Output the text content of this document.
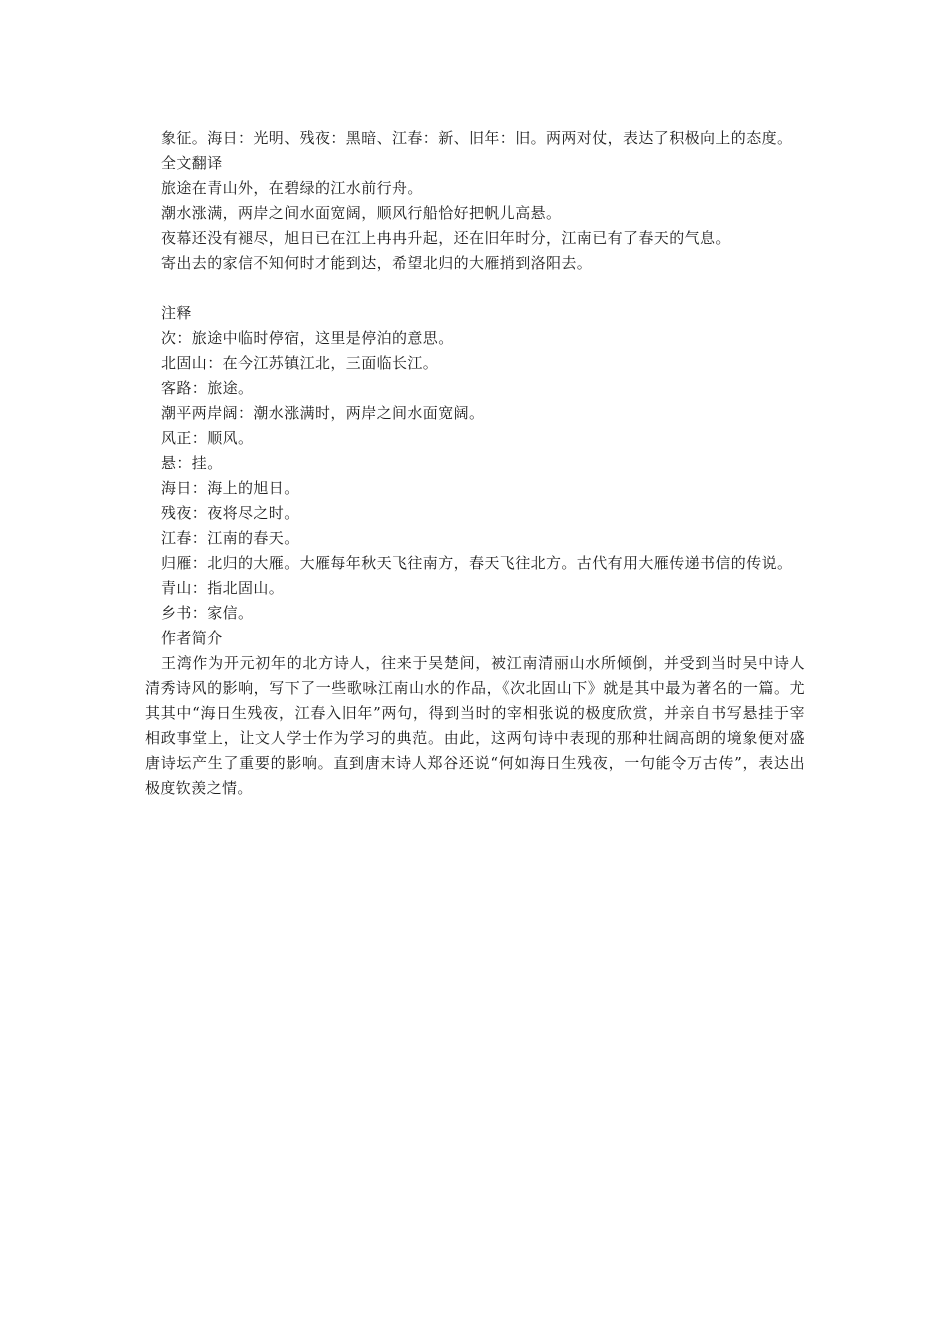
象征。海日：光明、残夜：黑暗、江春：新、旧年：旧。两两对仗，表达了积极向上的态度。
全文翻译
旅途在青山外，在碧绿的江水前行舟。
潮水涨满，两岸之间水面宽阔，顺风行船恰好把帆儿高悬。
夜幕还没有褪尽，旭日已在江上冉冉升起，还在旧年时分，江南已有了春天的气息。
寄出去的家信不知何时才能到达，希望北归的大雁捎到洛阳去。
注释
次：旅途中临时停宿，这里是停泊的意思。
北固山：在今江苏镇江北，三面临长江。
客路：旅途。
潮平两岸阔：潮水涨满时，两岸之间水面宽阔。
风正：顺风。
悬：挂。
海日：海上的旭日。
残夜：夜将尽之时。
江春：江南的春天。
归雁：北归的大雁。大雁每年秋天飞往南方，春天飞往北方。古代有用大雁传递书信的传说。
青山：指北固山。
乡书：家信。
作者简介
王湾作为开元初年的北方诗人，往来于吴楚间，被江南清丽山水所倾倒，并受到当时吴中诗人清秀诗风的影响，写下了一些歌咏江南山水的作品，《次北固山下》就是其中最为著名的一篇。尤其其中“海日生残夜，江春入旧年”两句，得到当时的宰相张说的极度欣赏，并亲自书写悬挂于宰相政事堂上，让文人学士作为学习的典范。由此，这两句诗中表现的那种壮阔高朗的境象便对盛唐诗坛产生了重要的影响。直到唐末诗人郑谷还说“何如海日生残夜，一句能令万古传”，表达出极度钦羡之情。
